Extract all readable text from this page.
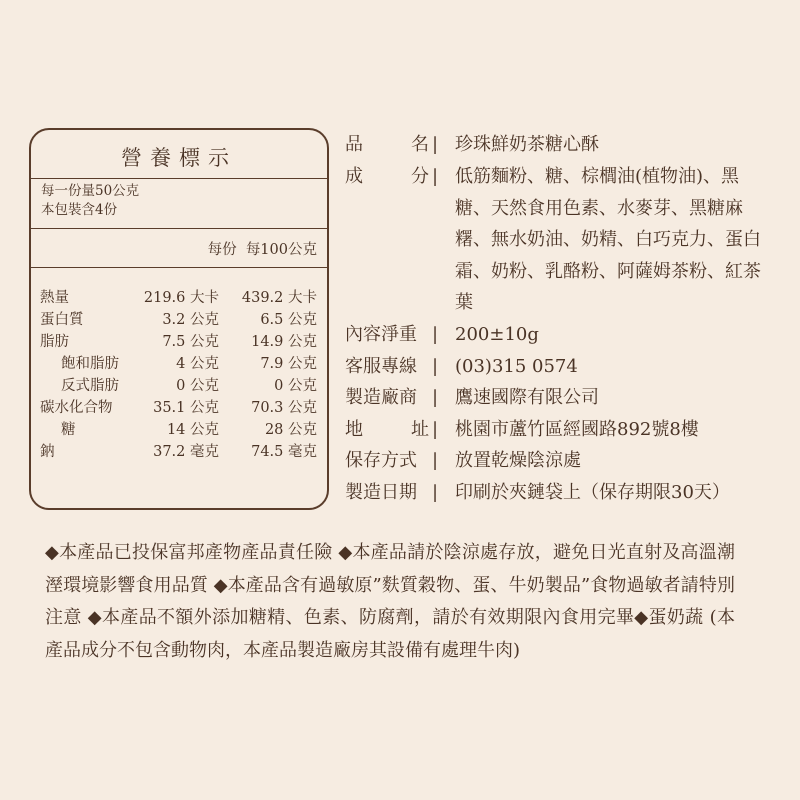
營養標示
每一份量50公克
本包裝含4份
每份 每100公克
熱量	219.6 大卡 439.2 大卡
蛋白質	3.2 公克	6.5 公克
脂肪	7.5 公克 14.9 公克
飽和脂肪	4 公克	7.9 公克
反式脂肪	0 公克	0 公克
碳水化合物	35.1 公克 70.3 公克
糖	14 公克	28 公克
鈉	37.2 毫克 74.5 毫克
品	名 | 珍珠鮮奶茶糖心酥
成	分 | 低筋麵粉、糖、棕櫚油(植物油)、黑糖、天然食用色素、水麥芽、黑糖麻糬、無水奶油、奶精、白巧克力、蛋白霜、奶粉、乳酪粉、阿薩姆茶粉、紅茶葉
內容淨重 | 200±10g
客服專線 | (03)315 0574
製造廠商 | 鷹速國際有限公司
地	址 | 桃園市蘆竹區經國路892號8樓
保存方式 | 放置乾燥陰涼處
製造日期 | 印刷於夾鏈袋上（保存期限30天）
◆本產品已投保富邦產物產品責任險 ◆本產品請於陰涼處存放，避免日光直射及高溫潮溼環境影響食用品質 ◆本產品含有過敏原”麩質穀物、蛋、牛奶製品”食物過敏者請特別注意 ◆本產品不額外添加糖精、色素、防腐劑，請於有效期限內食用完畢◆蛋奶蔬 (本產品成分不包含動物肉，本產品製造廠房其設備有處理牛肉)
